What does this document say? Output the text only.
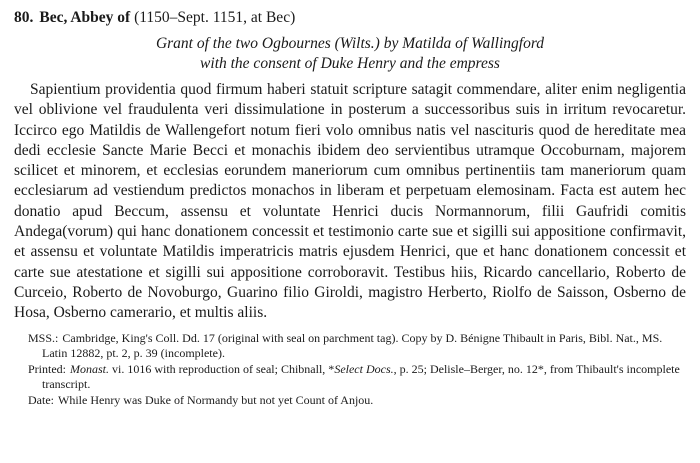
80. Bec, Abbey of (1150–Sept. 1151, at Bec)
Grant of the two Ogbournes (Wilts.) by Matilda of Wallingford
with the consent of Duke Henry and the empress

Sapientium providentia quod firmum haberi statuit scripture satagit commendare, aliter enim negligentia vel oblivione vel fraudulenta veri dissimulatione in posterum a successoribus suis in irritum revocaretur. Iccirco ego Matildis de Wallengefort notum fieri volo omnibus natis vel nascituris quod de hereditate mea dedi ecclesie Sancte Marie Becci et monachis ibidem deo servientibus utramque Occoburnam, majorem scilicet et minorem, et ecclesias eorundem maneriorum cum omnibus pertinentiis tam maneriorum quam ecclesiarum ad vestiendum predictos monachos in liberam et perpetuam elemosinam. Facta est autem hec donatio apud Beccum, assensu et voluntate Henrici ducis Normannorum, filii Gaufridi comitis Andega(vorum) qui hanc donationem concessit et testimonio carte sue et sigilli sui appositione confirmavit, et assensu et voluntate Matildis imperatricis matris ejusdem Henrici, que et hanc donationem concessit et carte sue atestatione et sigilli sui appositione corroboravit. Testibus hiis, Ricardo cancellario, Roberto de Curceio, Roberto de Novoburgo, Guarino filio Giroldi, magistro Herberto, Riolfo de Saisson, Osberno de Hosa, Osberno camerario, et multis aliis.

MSS.: Cambridge, King's Coll. Dd. 17 (original with seal on parchment tag). Copy by D. Bénigne Thibault in Paris, Bibl. Nat., MS. Latin 12882, pt. 2, p. 39 (incomplete).
Printed: Monast. vi. 1016 with reproduction of seal; Chibnall, *Select Docs., p. 25; Delisle–Berger, no. 12*, from Thibault's incomplete transcript.
Date: While Henry was Duke of Normandy but not yet Count of Anjou.
